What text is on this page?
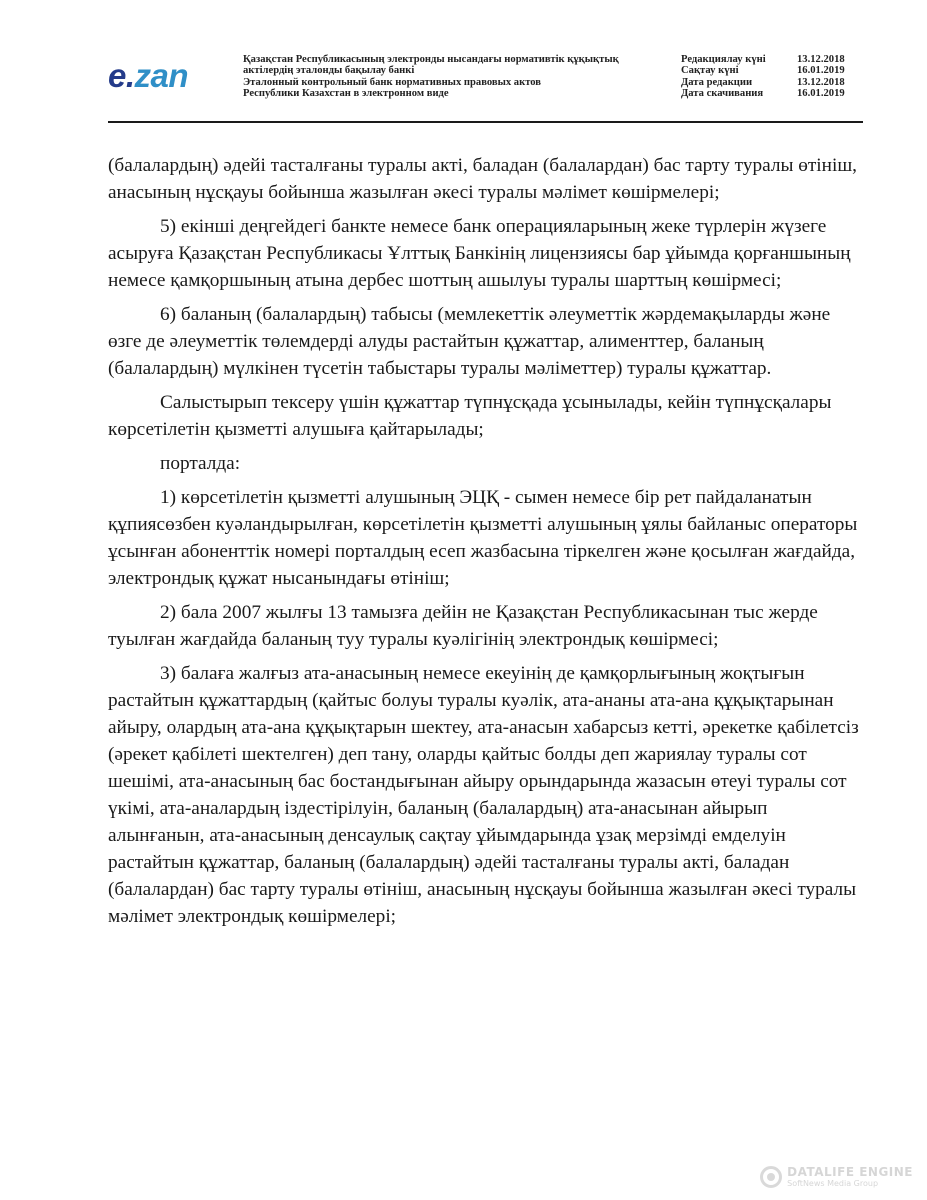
e.zan	Қазақстан Республикасының электронды нысандағы нормативтік құқықтық
актілердің эталонды бақылау банкі
Эталонный контрольный банк нормативных правовых актов
Республики Казахстан в электронном виде
Редакциялау күні	13.12.2018
Сақтау күні	16.01.2019
Дата редакции	13.12.2018
Дата скачивания	16.01.2019

(балалардың) әдейі тасталғаны туралы акті, баладан (балалардан) бас тарту туралы өтініш, анасының нұсқауы бойынша жазылған әкесі туралы мәлімет көшірмелері;

5) екінші деңгейдегі банкте немесе банк операцияларының жеке түрлерін жүзеге асыруға Қазақстан Республикасы Ұлттық Банкінің лицензиясы бар ұйымда қорғаншының немесе қамқоршының атына дербес шоттың ашылуы туралы шарттың көшірмесі;

6) баланың (балалардың) табысы (мемлекеттік әлеуметтік жәрдемақыларды және өзге де әлеуметтік төлемдерді алуды растайтын құжаттар, алименттер, баланың (балалардың) мүлкінен түсетін табыстары туралы мәліметтер) туралы құжаттар.

Салыстырып тексеру үшін құжаттар түпнұсқада ұсынылады, кейін түпнұсқалары көрсетілетін қызметті алушыға қайтарылады;

порталда:

1) көрсетілетін қызметті алушының ЭЦҚ - сымен немесе бір рет пайдаланатын құпиясөзбен куәландырылған, көрсетілетін қызметті алушының ұялы байланыс операторы ұсынған абоненттік номері порталдың есеп жазбасына тіркелген және қосылған жағдайда, электрондық құжат нысанындағы өтініш;

2) бала 2007 жылғы 13 тамызға дейін не Қазақстан Республикасынан тыс жерде туылған жағдайда баланың туу туралы куәлігінің электрондық көшірмесі;

3) балаға жалғыз ата-анасының немесе екеуінің де қамқорлығының жоқтығын растайтын құжаттардың (қайтыс болуы туралы куәлік, ата-ананы ата-ана құқықтарынан айыру, олардың ата-ана құқықтарын шектеу, ата-анасын хабарсыз кетті, әрекетке қабілетсіз (әрекет қабілеті шектелген) деп тану, оларды қайтыс болды деп жариялау туралы сот шешімі, ата-анасының бас бостандығынан айыру орындарында жазасын өтеуі туралы сот үкімі, ата-аналардың іздестірілуін, баланың (балалардың) ата-анасынан айырып алынғанын, ата-анасының денсаулық сақтау ұйымдарында ұзақ мерзімді емделуін растайтын құжаттар, баланың (балалардың) әдейі тасталғаны туралы акті, баладан (балалардан) бас тарту туралы өтініш, анасының нұсқауы бойынша жазылған әкесі туралы мәлімет электрондық көшірмелері;

DATALIFE ENGINE
SoftNews Media Group
